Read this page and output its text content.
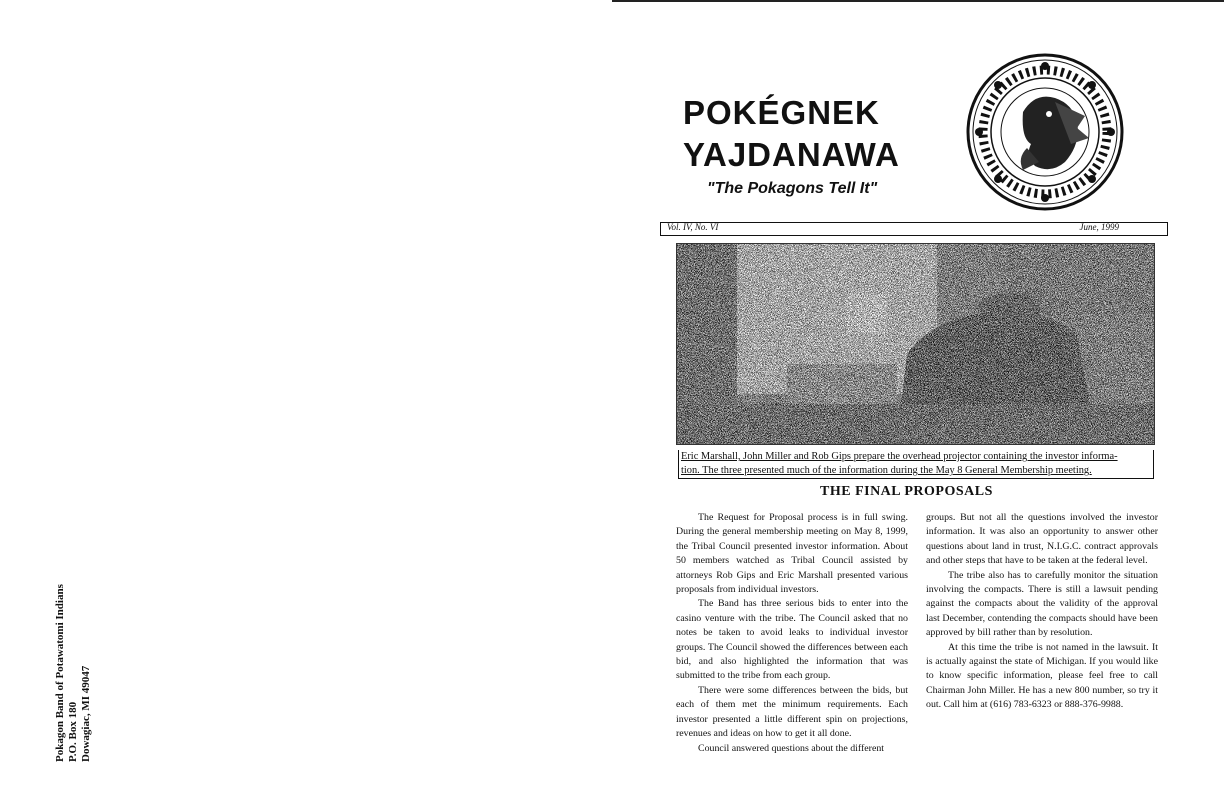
Pokagon Band of Potawatomi Indians P.O. Box 180 Dowagiac, MI 49047
POKÉGNEK
YAJDANAWA
"The Pokagons Tell It"
Vol. IV, No. VI	June, 1999
Eric Marshall, John Miller and Rob Gips prepare the overhead projector containing the investor informa-
tion. The three presented much of the information during the May 8 General Membership meeting.
THE FINAL PROPOSALS

The Request for Proposal process is in full swing. During the general membership meeting on May 8, 1999, the Tribal Council presented investor information. About 50 members watched as Tribal Council assisted by attorneys Rob Gips and Eric Marshall presented various proposals from individual investors.

The Band has three serious bids to enter into the casino venture with the tribe. The Council asked that no notes be taken to avoid leaks to individual investor groups. The Council showed the differences between each bid, and also highlighted the information that was submitted to the tribe from each group.

There were some differences between the bids, but each of them met the minimum requirements. Each investor presented a little different spin on projections, revenues and ideas on how to get it all done.

Council answered questions about the different

groups. But not all the questions involved the investor information. It was also an opportunity to answer other questions about land in trust, N.I.G.C. contract approvals and other steps that have to be taken at the federal level.

The tribe also has to carefully monitor the situation involving the compacts. There is still a lawsuit pending against the compacts about the validity of the approval last December, contending the compacts should have been approved by bill rather than by resolution.

At this time the tribe is not named in the lawsuit. It is actually against the state of Michigan. If you would like to know specific information, please feel free to call Chairman John Miller. He has a new 800 number, so try it out. Call him at (616) 783-6323 or 888-376-9988.
